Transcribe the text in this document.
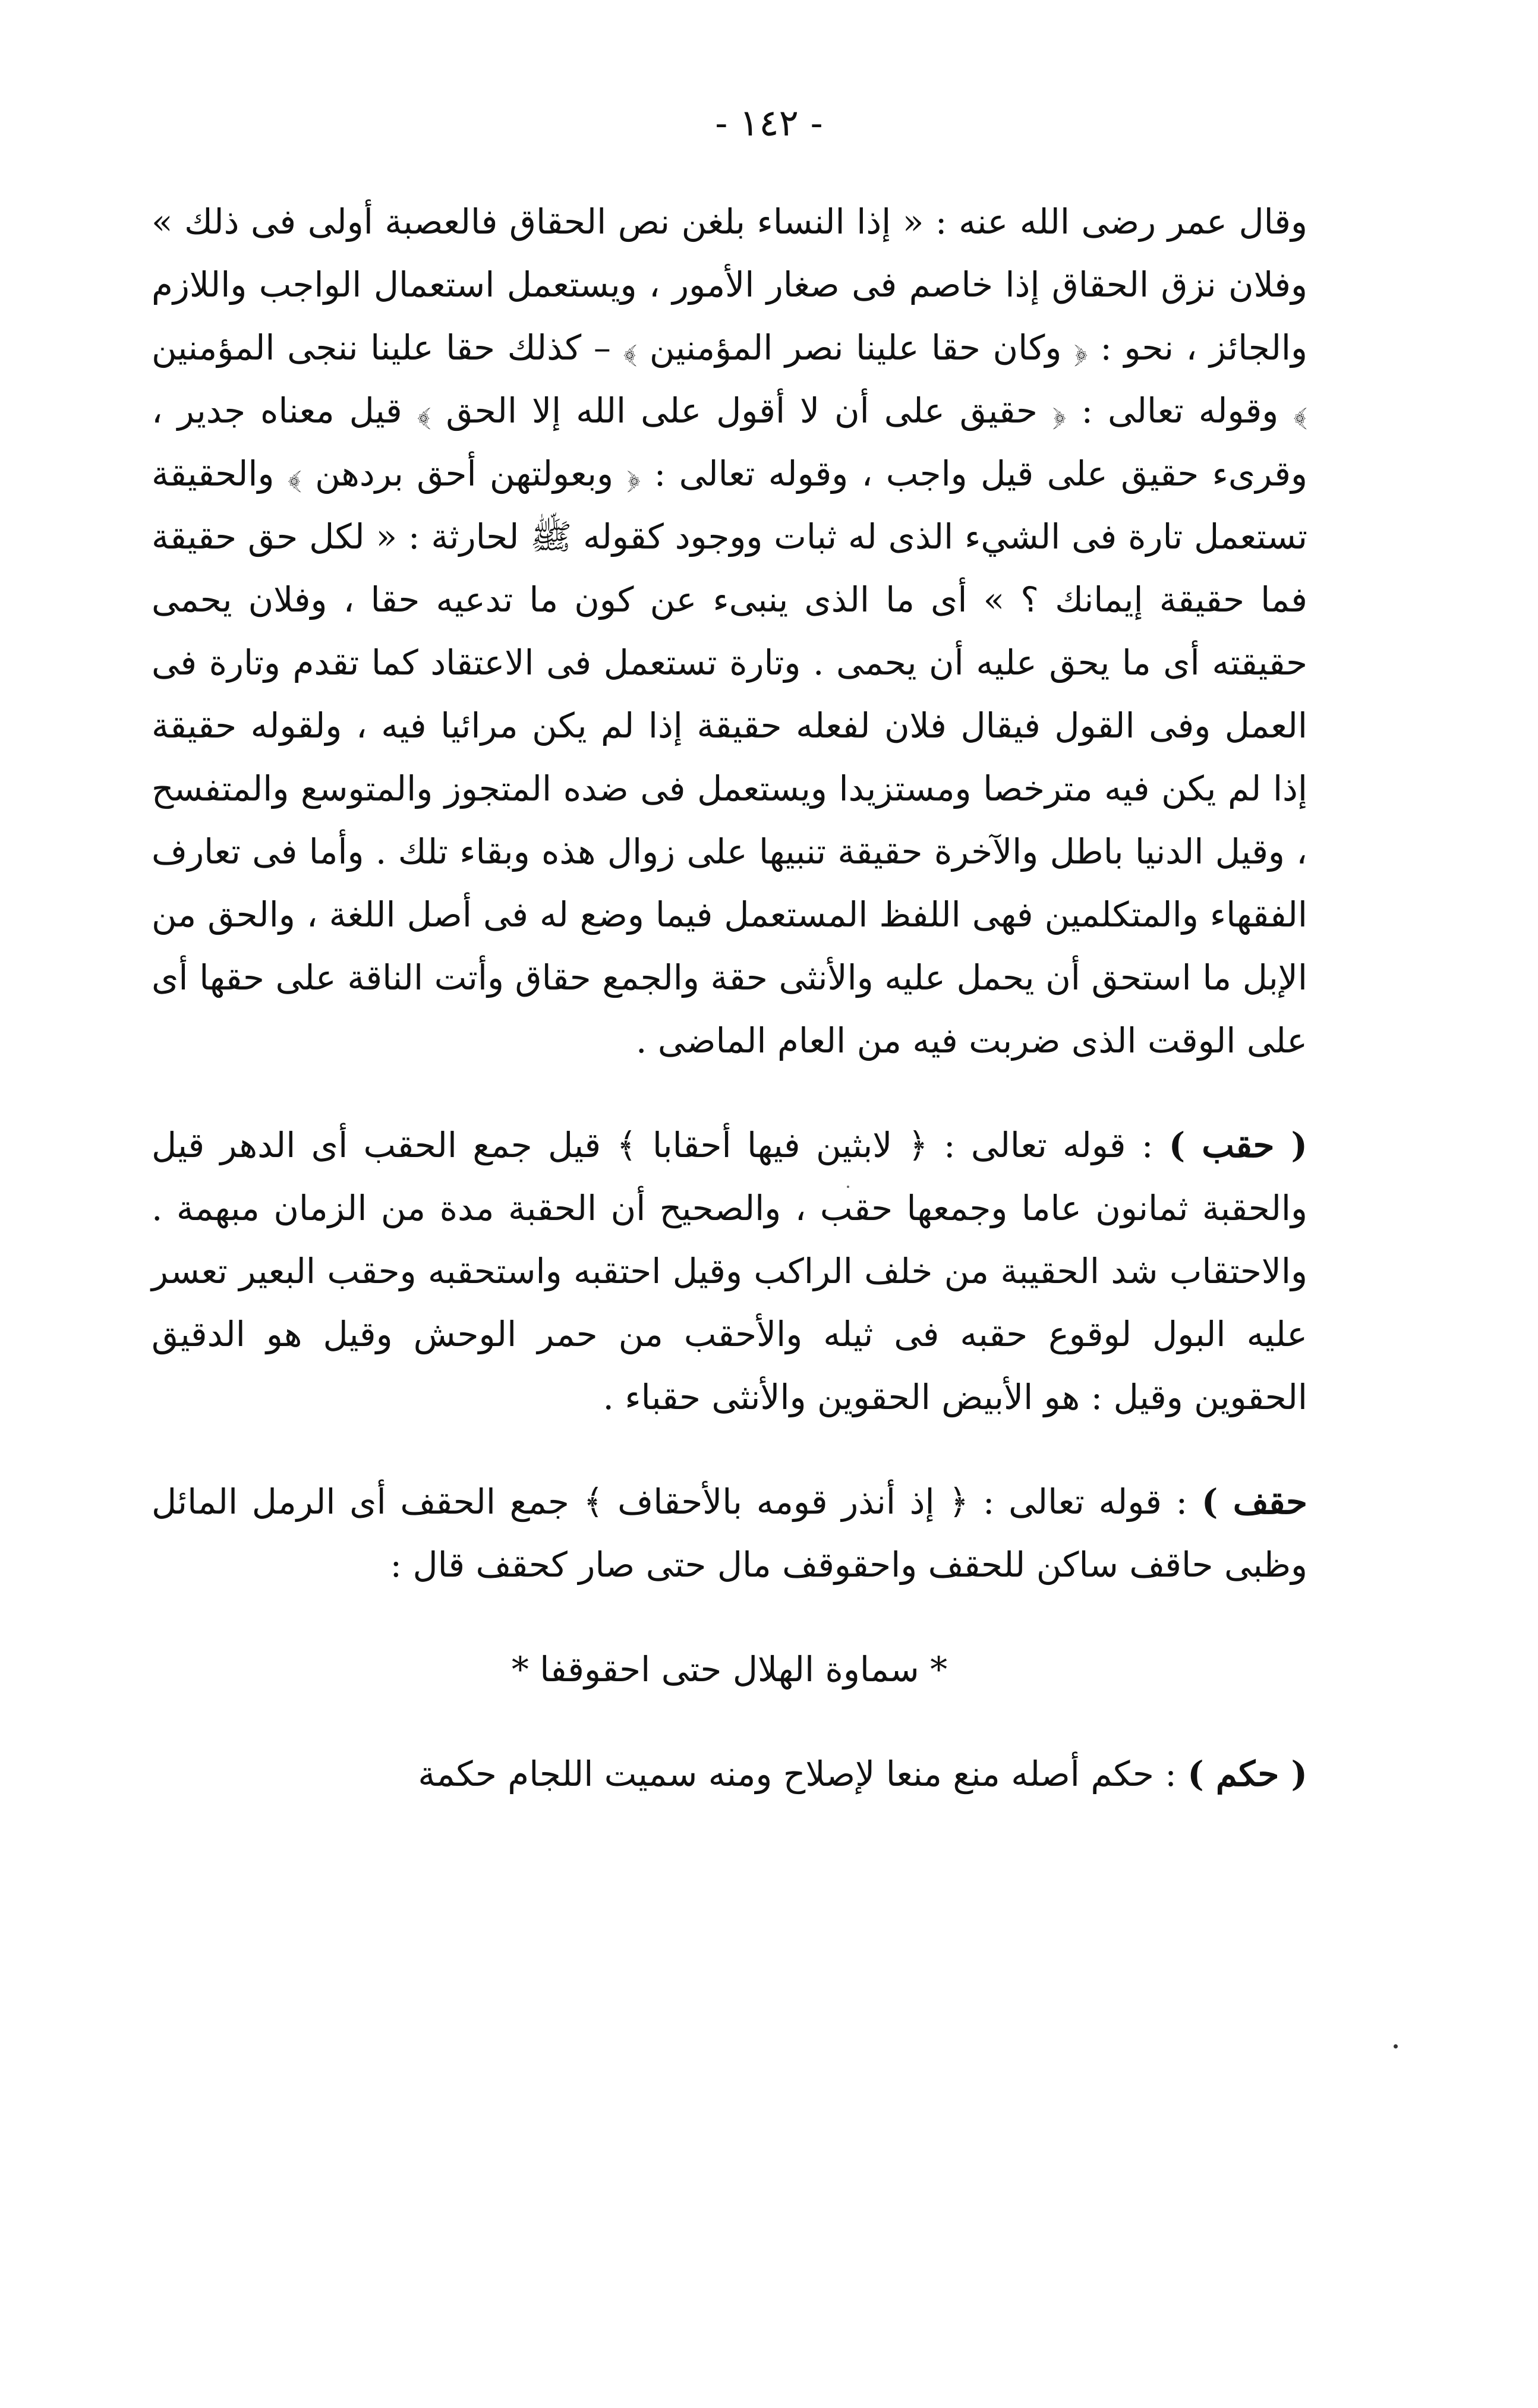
- ١٤٢ -

وقال عمر رضى الله عنه : « إذا النساء بلغن نص الحقاق فالعصبة أولى فى ذلك » وفلان نزق الحقاق إذا خاصم فى صغار الأمور ، ويستعمل استعمال الواجب واللازم والجائز ، نحو : ﴿ وكان حقا علينا نصر المؤمنين ﴾ – كذلك حقا علينا ننجى المؤمنين ﴾ وقوله تعالى : ﴿ حقيق على أن لا أقول على الله إلا الحق ﴾ قيل معناه جدير ، وقرىء حقيق على قيل واجب ، وقوله تعالى : ﴿ وبعولتهن أحق بردهن ﴾ والحقيقة تستعمل تارة فى الشيء الذى له ثبات ووجود كقوله ﷺ لحارثة : « لكل حق حقيقة فما حقيقة إيمانك ؟ » أى ما الذى ينبىء عن كون ما تدعيه حقا ، وفلان يحمى حقيقته أى ما يحق عليه أن يحمى . وتارة تستعمل فى الاعتقاد كما تقدم وتارة فى العمل وفى القول فيقال فلان لفعله حقيقة إذا لم يكن مرائيا فيه ، ولقوله حقيقة إذا لم يكن فيه مترخصا ومستزيدا ويستعمل فى ضده المتجوز والمتوسع والمتفسح ، وقيل الدنيا باطل والآخرة حقيقة تنبيها على زوال هذه وبقاء تلك . وأما فى تعارف الفقهاء والمتكلمين فهى اللفظ المستعمل فيما وضع له فى أصل اللغة ، والحق من الإبل ما استحق أن يحمل عليه والأنثى حقة والجمع حقاق وأتت الناقة على حقها أى على الوقت الذى ضربت فيه من العام الماضى .

( حقب ) : قوله تعالى : ﴿ لابثين فيها أحقابا ﴾ قيل جمع الحقب أى الدهر قيل والحقبة ثمانون عاما وجمعها حقب ، والصحيح أن الحقبة مدة من الزمان مبهمة . والاحتقاب شد الحقيبة من خلف الراكب وقيل احتقبه واستحقبه وحقب البعير تعسر عليه البول لوقوع حقبه فى ثيله والأحقب من حمر الوحش وقيل هو الدقيق الحقوين وقيل : هو الأبيض الحقوين والأنثى حقباء .

حقف ) : قوله تعالى : ﴿ إذ أنذر قومه بالأحقاف ﴾ جمع الحقف أى الرمل المائل وظبى حاقف ساكن للحقف واحقوقف مال حتى صار كحقف قال :

* سماوة الهلال حتى احقوقفا *

( حكم ) : حكم أصله منع منعا لإصلاح ومنه سميت اللجام حكمة
